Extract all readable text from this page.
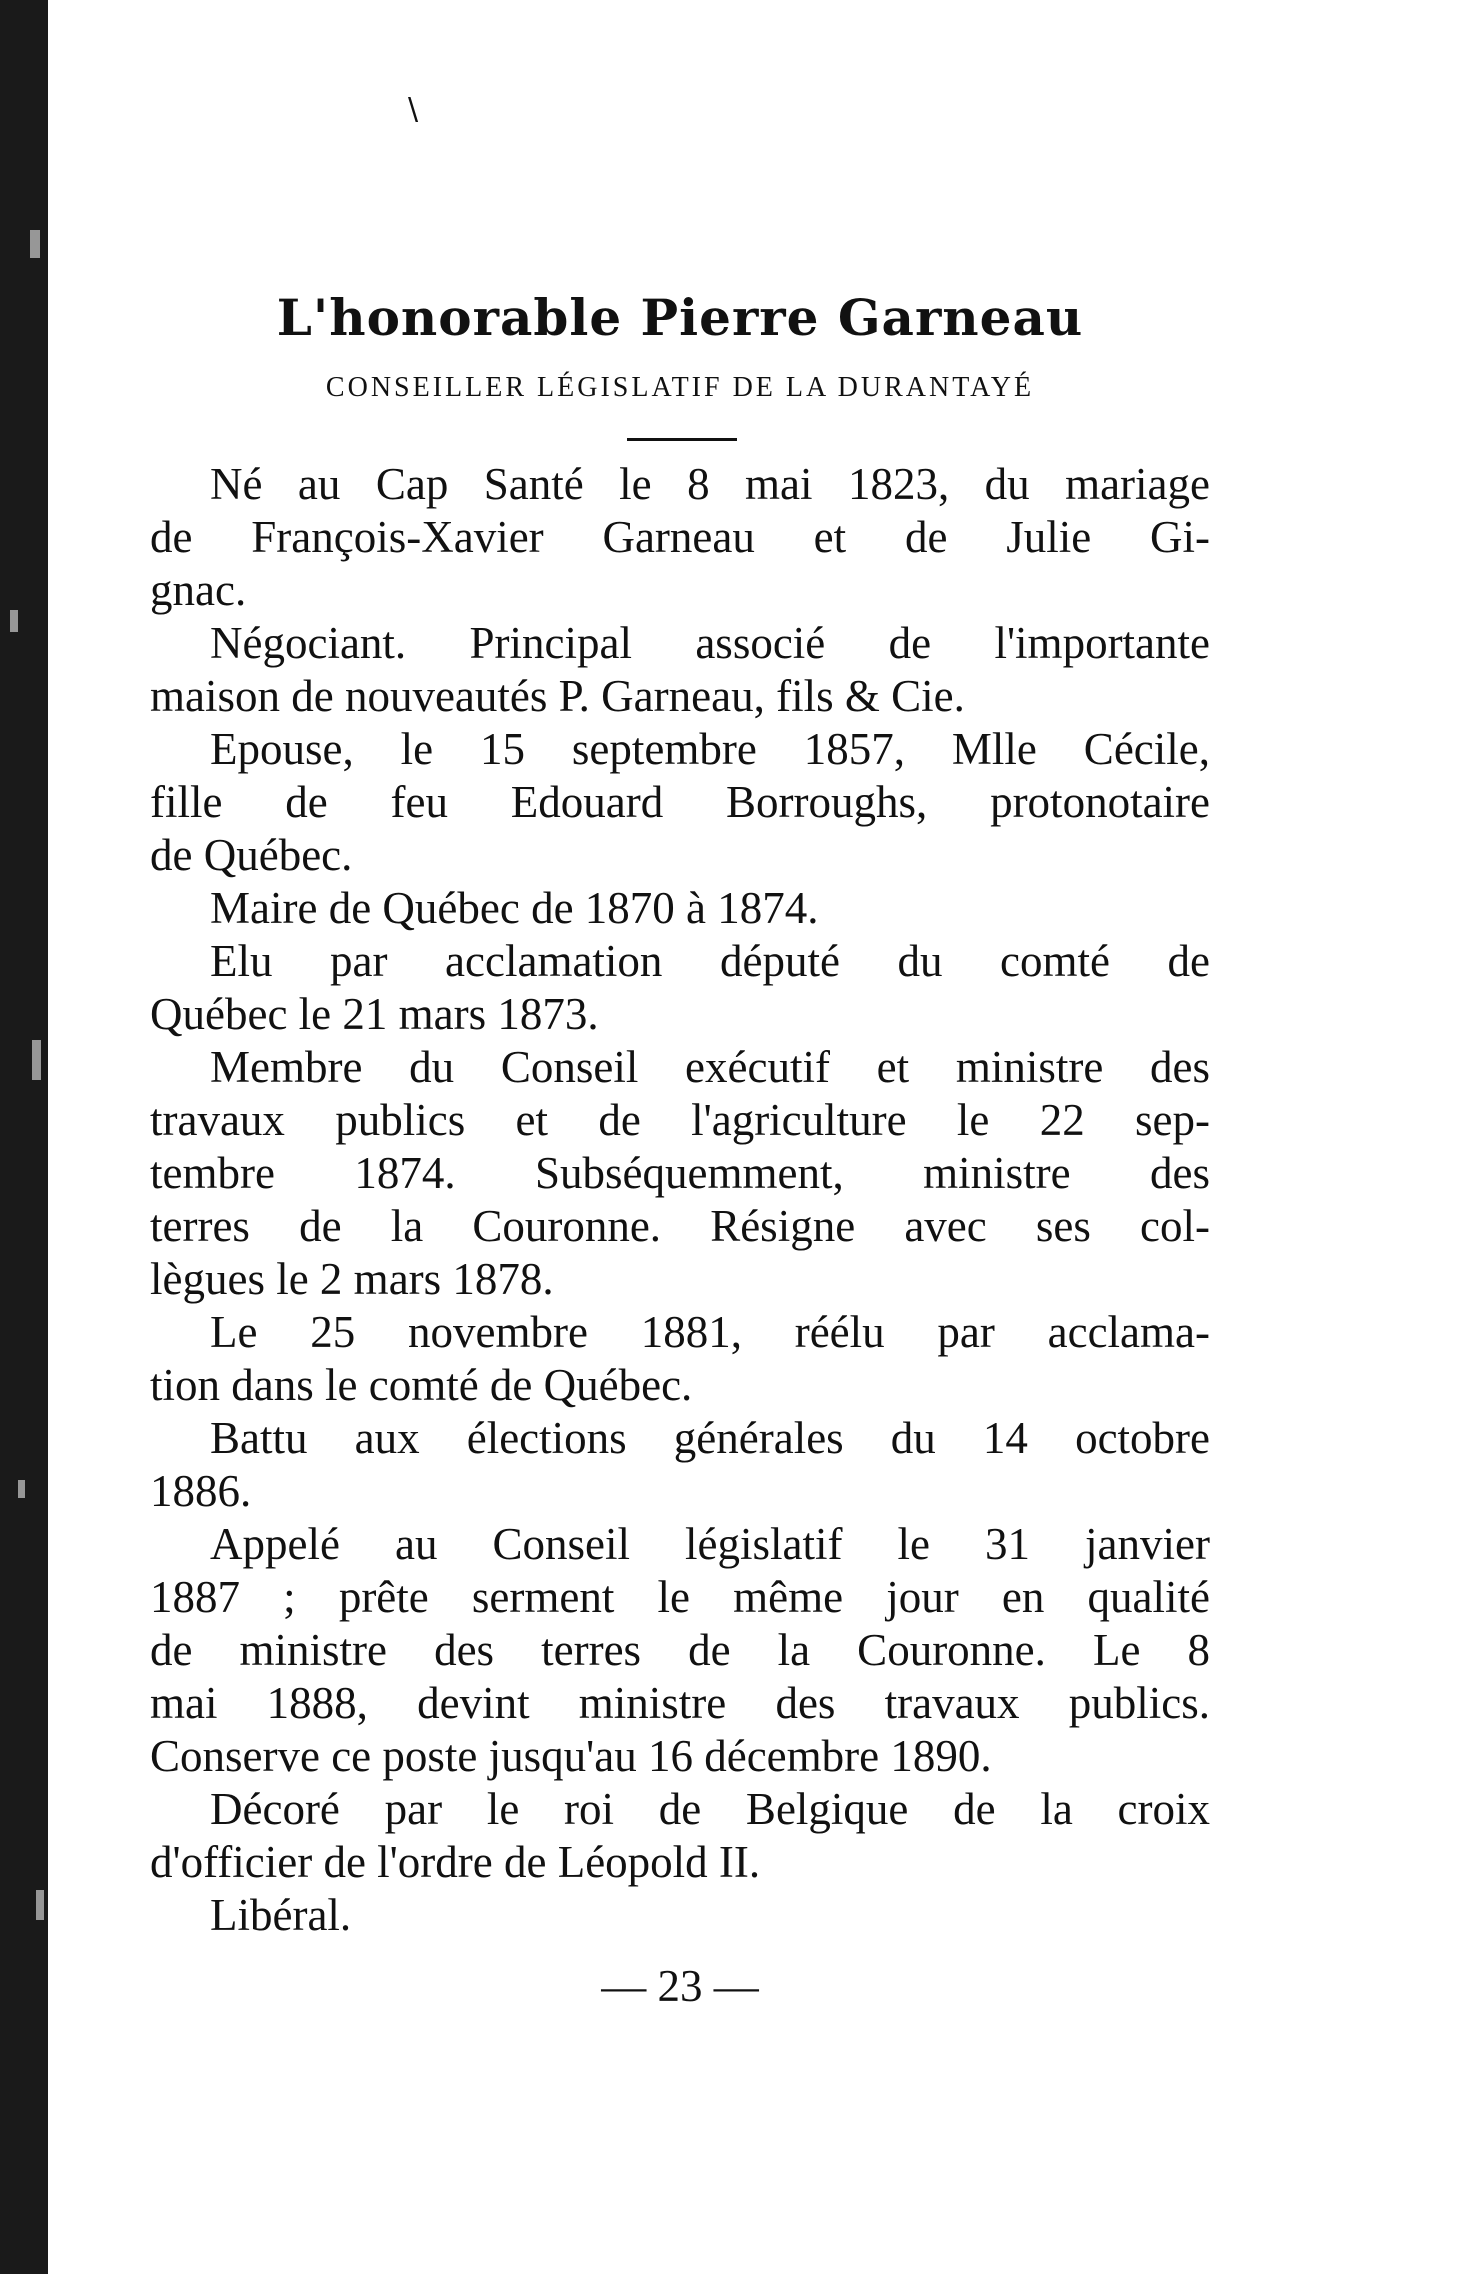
\
L'honorable Pierre Garneau
CONSEILLER LÉGISLATIF DE LA DURANTAYÉ
Né au Cap Santé le 8 mai 1823, du mariage
de François-Xavier Garneau et de Julie Gi-
gnac.
Négociant. Principal associé de l'importante
maison de nouveautés P. Garneau, fils & Cie.
Epouse, le 15 septembre 1857, Mlle Cécile,
fille de feu Edouard Borroughs, protonotaire
de Québec.
Maire de Québec de 1870 à 1874.
Elu par acclamation député du comté de
Québec le 21 mars 1873.
Membre du Conseil exécutif et ministre des
travaux publics et de l'agriculture le 22 sep-
tembre 1874. Subséquemment, ministre des
terres de la Couronne. Résigne avec ses col-
lègues le 2 mars 1878.
Le 25 novembre 1881, réélu par acclama-
tion dans le comté de Québec.
Battu aux élections générales du 14 octobre
1886.
Appelé au Conseil législatif le 31 janvier
1887 ; prête serment le même jour en qualité
de ministre des terres de la Couronne. Le 8
mai 1888, devint ministre des travaux publics.
Conserve ce poste jusqu'au 16 décembre 1890.
Décoré par le roi de Belgique de la croix
d'officier de l'ordre de Léopold II.
Libéral.
— 23 —
